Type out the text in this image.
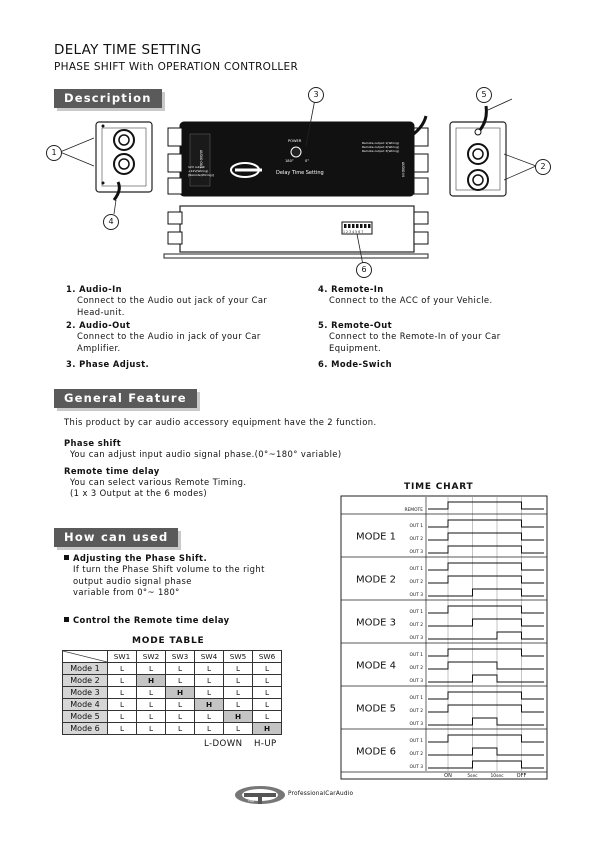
DELAY TIME SETTING
PHASE SHIFT With OPERATION CONTROLLER
Description
POWER
180°	0°
Delay Time Setting
Remote output 1(Wiring)
Remote output 2(Wiring)
Remote output 3(Wiring)
12V output
+12V(Wiring)
[Remote(Wiring)]
AUDIO OUT
AUDIO IN
1 2 3 4 5 6 7
1
2
3
4
5
6
1. Audio-In
Connect to the Audio out jack of your Car Head-unit.
2. Audio-Out
Connect to the Audio in jack of your Car Amplifier.
3. Phase Adjust.
4. Remote-In
Connect to the ACC of your Vehicle.
5. Remote-Out
Connect to the Remote-In of your Car Equipment.
6. Mode-Swich
General Feature
This product by car audio accessory equipment have the 2 function.
Phase shift
You can adjust input audio signal phase.(0°~180° variable)
Remote time delay
You can select various Remote Timing.
(1 x 3 Output at the 6 modes)
How can used
Adjusting the Phase Shift.
If turn the Phase Shift volume to the right
output audio signal phase
variable from 0°~ 180°
Control the Remote time delay
MODE TABLE
	SW1	SW2	SW3	SW4	SW5	SW6
Mode 1	L	L	L	L	L	L
Mode 2	L	H	L	L	L	L
Mode 3	L	L	H	L	L	L
Mode 4	L	L	L	H	L	L
Mode 5	L	L	L	L	H	L
Mode 6	L	L	L	L	L	H
L-DOWN H-UP
TIME CHART
REMOTE
MODE 1
OUT 1
OUT 2
OUT 3
MODE 2
OUT 1
OUT 2
OUT 3
MODE 3
OUT 1
OUT 2
OUT 3
MODE 4
OUT 1
OUT 2
OUT 3
MODE 5
OUT 1
OUT 2
OUT 3
MODE 6
OUT 1
OUT 2
OUT 3
ON	5sec	10sec	OFF
TSO
ProfessionalCarAudio
